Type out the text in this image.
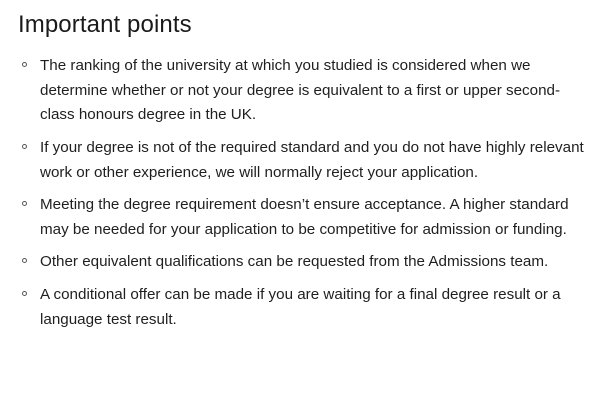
Important points
The ranking of the university at which you studied is considered when we determine whether or not your degree is equivalent to a first or upper second-class honours degree in the UK.
If your degree is not of the required standard and you do not have highly relevant work or other experience, we will normally reject your application.
Meeting the degree requirement doesn’t ensure acceptance. A higher standard may be needed for your application to be competitive for admission or funding.
Other equivalent qualifications can be requested from the Admissions team.
A conditional offer can be made if you are waiting for a final degree result or a language test result.
